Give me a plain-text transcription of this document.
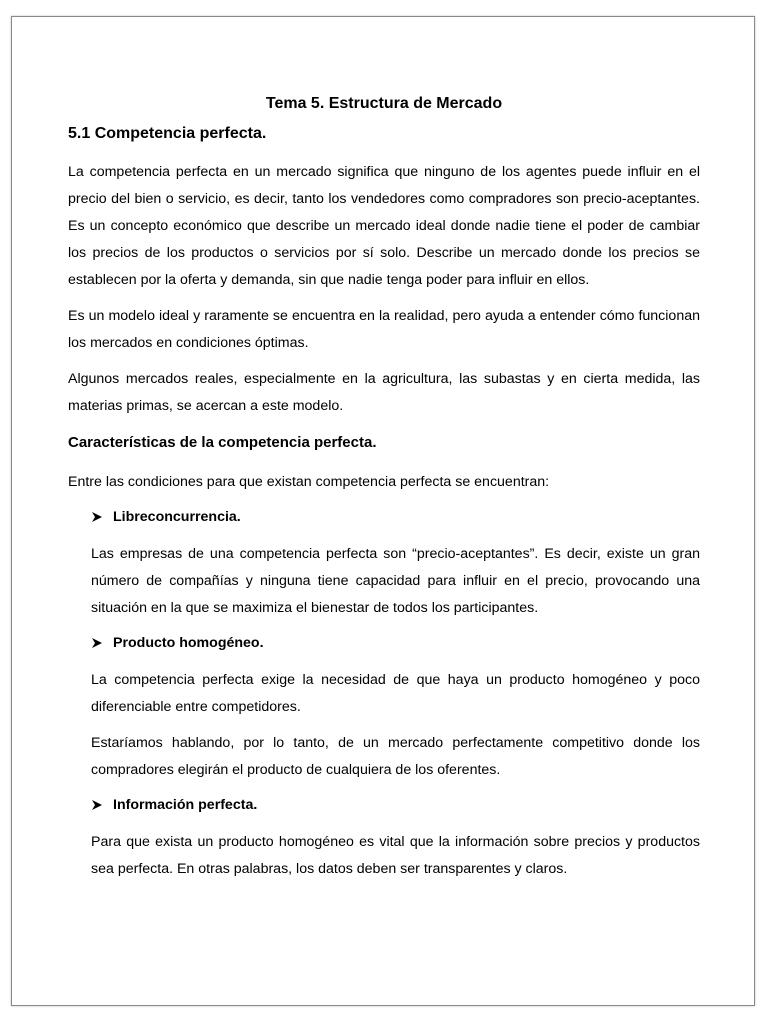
Tema 5. Estructura de Mercado
5.1 Competencia perfecta.

La competencia perfecta en un mercado significa que ninguno de los agentes puede influir en el precio del bien o servicio, es decir, tanto los vendedores como compradores son precio-aceptantes. Es un concepto económico que describe un mercado ideal donde nadie tiene el poder de cambiar los precios de los productos o servicios por sí solo. Describe un mercado donde los precios se establecen por la oferta y demanda, sin que nadie tenga poder para influir en ellos.

Es un modelo ideal y raramente se encuentra en la realidad, pero ayuda a entender cómo funcionan los mercados en condiciones óptimas.

Algunos mercados reales, especialmente en la agricultura, las subastas y en cierta medida, las materias primas, se acercan a este modelo.

Características de la competencia perfecta.

Entre las condiciones para que existan competencia perfecta se encuentran:

Libreconcurrencia.

Las empresas de una competencia perfecta son “precio-aceptantes”. Es decir, existe un gran número de compañías y ninguna tiene capacidad para influir en el precio, provocando una situación en la que se maximiza el bienestar de todos los participantes.

Producto homogéneo.

La competencia perfecta exige la necesidad de que haya un producto homogéneo y poco diferenciable entre competidores.

Estaríamos hablando, por lo tanto, de un mercado perfectamente competitivo donde los compradores elegirán el producto de cualquiera de los oferentes.

Información perfecta.

Para que exista un producto homogéneo es vital que la información sobre precios y productos sea perfecta. En otras palabras, los datos deben ser transparentes y claros.
